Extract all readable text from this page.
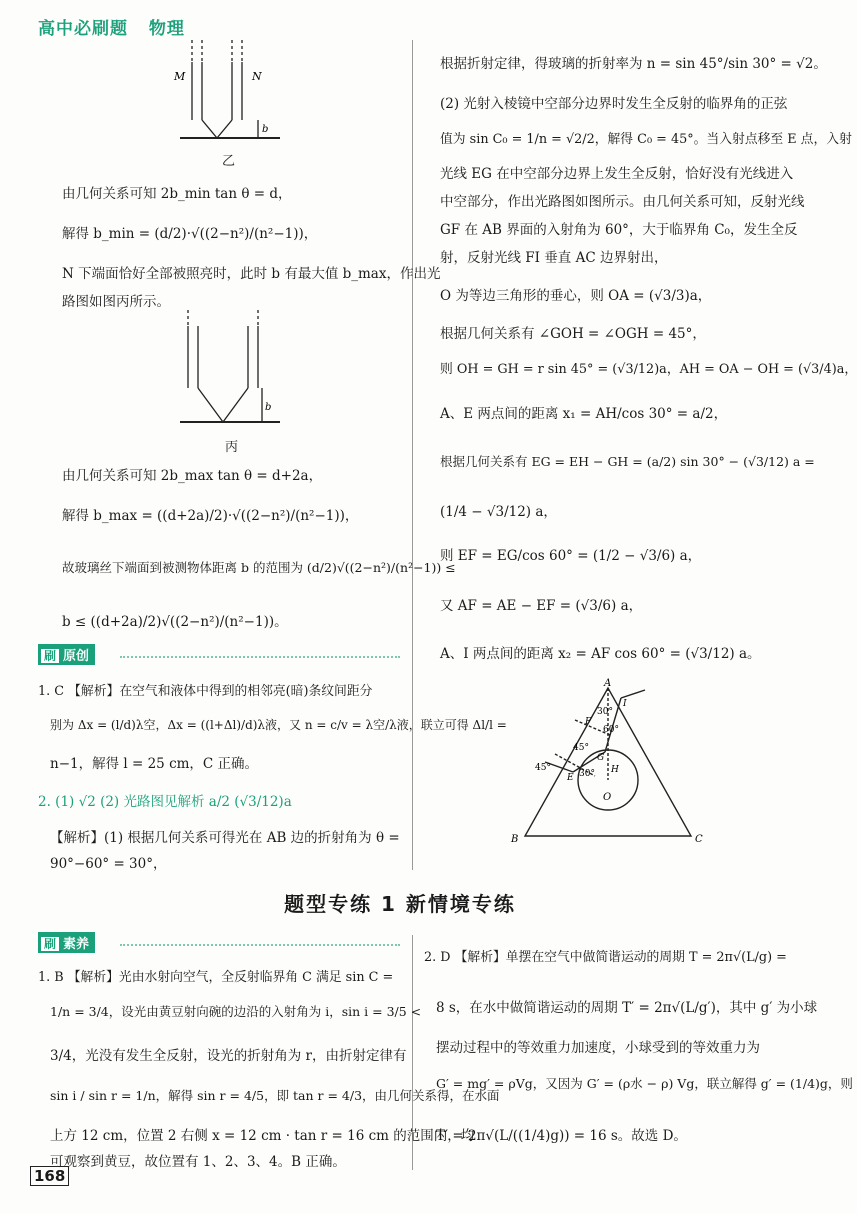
高中必刷题 物理
M	N
b
乙
由几何关系可知 2b_min tan θ = d，
解得 b_min = (d/2)·√((2−n²)/(n²−1))，
N 下端面恰好全部被照亮时，此时 b 有最大值 b_max，作出光
路图如图丙所示。
b
丙
由几何关系可知 2b_max tan θ = d+2a，
解得 b_max = ((d+2a)/2)·√((2−n²)/(n²−1))，
故玻璃丝下端面到被测物体距离 b 的范围为 (d/2)√((2−n²)/(n²−1)) ≤
b ≤ ((d+2a)/2)√((2−n²)/(n²−1))。
刷 原创
1. C 【解析】在空气和液体中得到的相邻亮(暗)条纹间距分
别为 Δx = (l/d)λ空，Δx = ((l+Δl)/d)λ液，又 n = c/v = λ空/λ液，联立可得 Δl/l =
n−1，解得 l = 25 cm，C 正确。
2. (1) √2 (2) 光路图见解析 a/2 (√3/12)a
【解析】(1) 根据几何关系可得光在 AB 边的折射角为 θ =
90°−60° = 30°，
根据折射定律，得玻璃的折射率为 n = sin 45°/sin 30° = √2。
(2) 光射入棱镜中空部分边界时发生全反射的临界角的正弦
值为 sin C₀ = 1/n = √2/2，解得 C₀ = 45°。当入射点移至 E 点，入射
光线 EG 在中空部分边界上发生全反射，恰好没有光线进入
中空部分，作出光路图如图所示。由几何关系可知，反射光线
GF 在 AB 界面的入射角为 60°，大于临界角 C₀，发生全反
射，反射光线 FI 垂直 AC 边界射出，
O 为等边三角形的垂心，则 OA = (√3/3)a，
根据几何关系有 ∠GOH = ∠OGH = 45°，
则 OH = GH = r sin 45° = (√3/12)a，AH = OA − OH = (√3/4)a，
A、E 两点间的距离 x₁ = AH/cos 30° = a/2，
根据几何关系有 EG = EH − GH = (a/2) sin 30° − (√3/12) a =
(1/4 − √3/12) a，
则 EF = EG/cos 60° = (1/2 − √3/6) a，
又 AF = AE − EF = (√3/6) a，
A、I 两点间的距离 x₂ = AF cos 60° = (√3/12) a。
A
B	C
O
H
E
F
G
I
45°
30°
60°
45°
30°
题型专练 1 新情境专练
刷 素养
1. B 【解析】光由水射向空气，全反射临界角 C 满足 sin C =
1/n = 3/4，设光由黄豆射向碗的边沿的入射角为 i，sin i = 3/5 <
3/4，光没有发生全反射，设光的折射角为 r，由折射定律有
sin i / sin r = 1/n，解得 sin r = 4/5，即 tan r = 4/3，由几何关系得，在水面
上方 12 cm，位置 2 右侧 x = 12 cm · tan r = 16 cm 的范围内，均
可观察到黄豆，故位置有 1、2、3、4。B 正确。
2. D 【解析】单摆在空气中做简谐运动的周期 T = 2π√(L/g) =
8 s，在水中做简谐运动的周期 T′ = 2π√(L/g′)，其中 g′ 为小球
摆动过程中的等效重力加速度，小球受到的等效重力为
G′ = mg′ = ρVg，又因为 G′ = (ρ水 − ρ) Vg，联立解得 g′ = (1/4)g，则
T′ = 2π√(L/((1/4)g)) = 16 s。故选 D。
168
